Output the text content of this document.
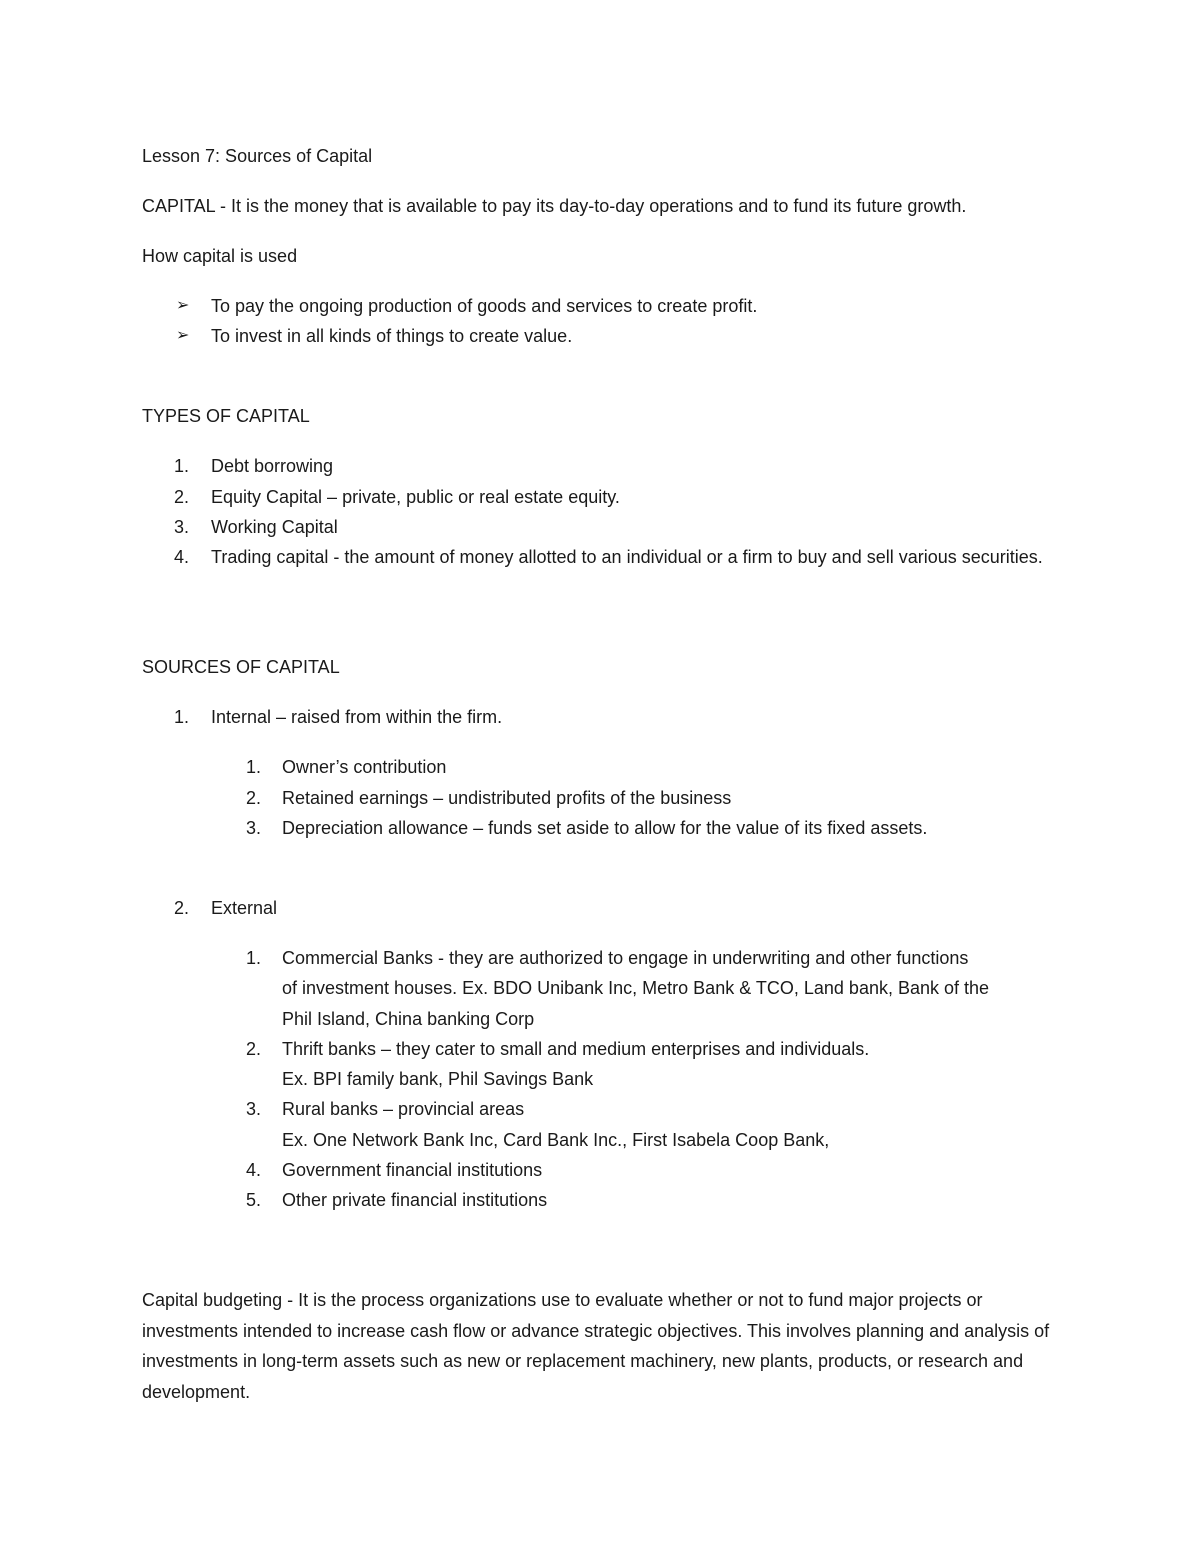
Lesson 7: Sources of Capital
CAPITAL - It is the money that is available to pay its day-to-day operations and to fund its future growth.
How capital is used
➢ To pay the ongoing production of goods and services to create profit.
➢ To invest in all kinds of things to create value.
TYPES OF CAPITAL
1. Debt borrowing
2. Equity Capital – private, public or real estate equity.
3. Working Capital
4. Trading capital - the amount of money allotted to an individual or a firm to buy and sell various securities.
SOURCES OF CAPITAL
1. Internal – raised from within the firm.
1. Owner’s contribution
2. Retained earnings – undistributed profits of the business
3. Depreciation allowance – funds set aside to allow for the value of its fixed assets.
2. External
1. Commercial Banks - they are authorized to engage in underwriting and other functions
of investment houses. Ex. BDO Unibank Inc, Metro Bank & TCO, Land bank, Bank of the
Phil Island, China banking Corp
2. Thrift banks – they cater to small and medium enterprises and individuals.
Ex. BPI family bank, Phil Savings Bank
3. Rural banks – provincial areas
Ex. One Network Bank Inc, Card Bank Inc., First Isabela Coop Bank,
4. Government financial institutions
5. Other private financial institutions
Capital budgeting - It is the process organizations use to evaluate whether or not to fund major projects or investments intended to increase cash flow or advance strategic objectives. This involves planning and analysis of investments in long-term assets such as new or replacement machinery, new plants, products, or research and development.
